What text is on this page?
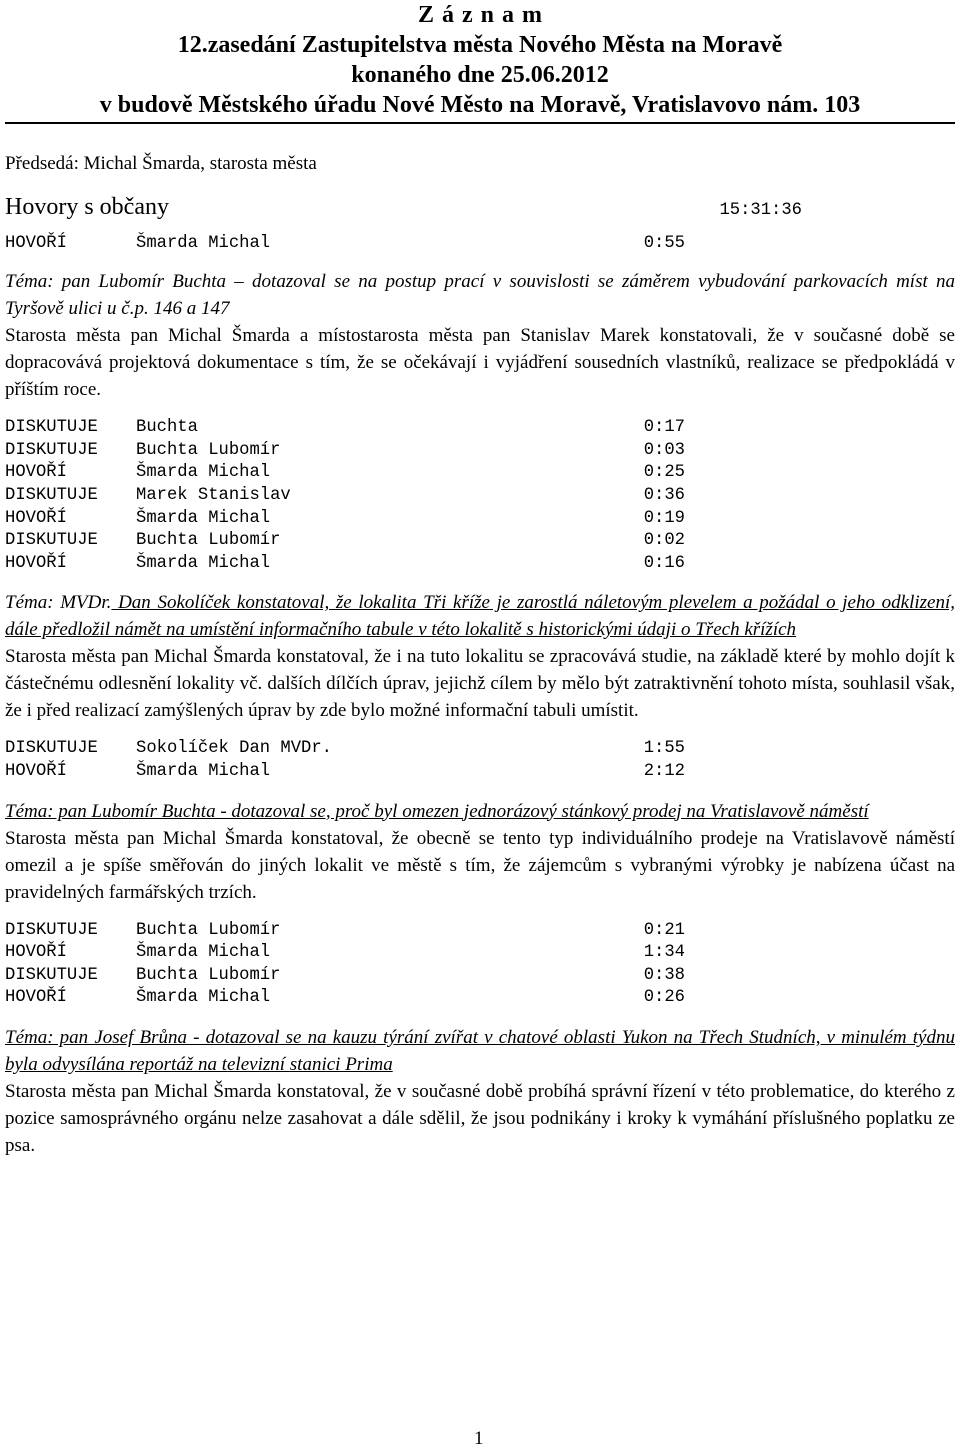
Z á z n a m
12.zasedání Zastupitelstva města Nového Města na Moravě
konaného dne 25.06.2012
v budově Městského úřadu Nové Město na Moravě, Vratislavovo nám. 103
Předsedá: Michal Šmarda, starosta města
Hovory s občany	15:31:36
HOVOŘÍ	Šmarda Michal	0:55
Téma: pan Lubomír Buchta – dotazoval se na postup prací v souvislosti se záměrem vybudování parkovacích míst na Tyršově ulici u č.p. 146 a 147
Starosta města pan Michal Šmarda a místostarosta města pan Stanislav Marek konstatovali, že v současné době se dopracovává projektová dokumentace s tím, že se očekávají i vyjádření sousedních vlastníků, realizace se předpokládá v příštím roce.
DISKUTUJE	Buchta	0:17
DISKUTUJE	Buchta Lubomír	0:03
HOVOŘÍ	Šmarda Michal	0:25
DISKUTUJE	Marek Stanislav	0:36
HOVOŘÍ	Šmarda Michal	0:19
DISKUTUJE	Buchta Lubomír	0:02
HOVOŘÍ	Šmarda Michal	0:16
Téma: MVDr. Dan Sokolíček konstatoval, že lokalita Tři kříže je zarostlá náletovým plevelem a požádal o jeho odklizení, dále předložil námět na umístění informačního tabule v této lokalitě s historickými údaji o Třech křížích
Starosta města pan Michal Šmarda konstatoval, že i na tuto lokalitu se zpracovává studie, na základě které by mohlo dojít k částečnému odlesnění lokality vč. dalších dílčích úprav, jejichž cílem by mělo být zatraktivnění tohoto místa, souhlasil však, že i před realizací zamýšlených úprav by zde bylo možné informační tabuli umístit.
DISKUTUJE	Sokolíček Dan MVDr.	1:55
HOVOŘÍ	Šmarda Michal	2:12
Téma: pan Lubomír Buchta - dotazoval se, proč byl omezen jednorázový stánkový prodej na Vratislavově náměstí
Starosta města pan Michal Šmarda konstatoval, že obecně se tento typ individuálního prodeje na Vratislavově náměstí omezil a je spíše směřován do jiných lokalit ve městě s tím, že zájemcům s vybranými výrobky je nabízena účast na pravidelných farmářských trzích.
DISKUTUJE	Buchta Lubomír	0:21
HOVOŘÍ	Šmarda Michal	1:34
DISKUTUJE	Buchta Lubomír	0:38
HOVOŘÍ	Šmarda Michal	0:26
Téma: pan Josef Brůna - dotazoval se na kauzu týrání zvířat v chatové oblasti Yukon na Třech Studních, v minulém týdnu byla odvysílána reportáž na televizní stanici Prima
Starosta města pan Michal Šmarda konstatoval, že v současné době probíhá správní řízení v této problematice, do kterého z pozice samosprávného orgánu nelze zasahovat a dále sdělil, že jsou podnikány i kroky k vymáhání příslušného poplatku ze psa.
1
